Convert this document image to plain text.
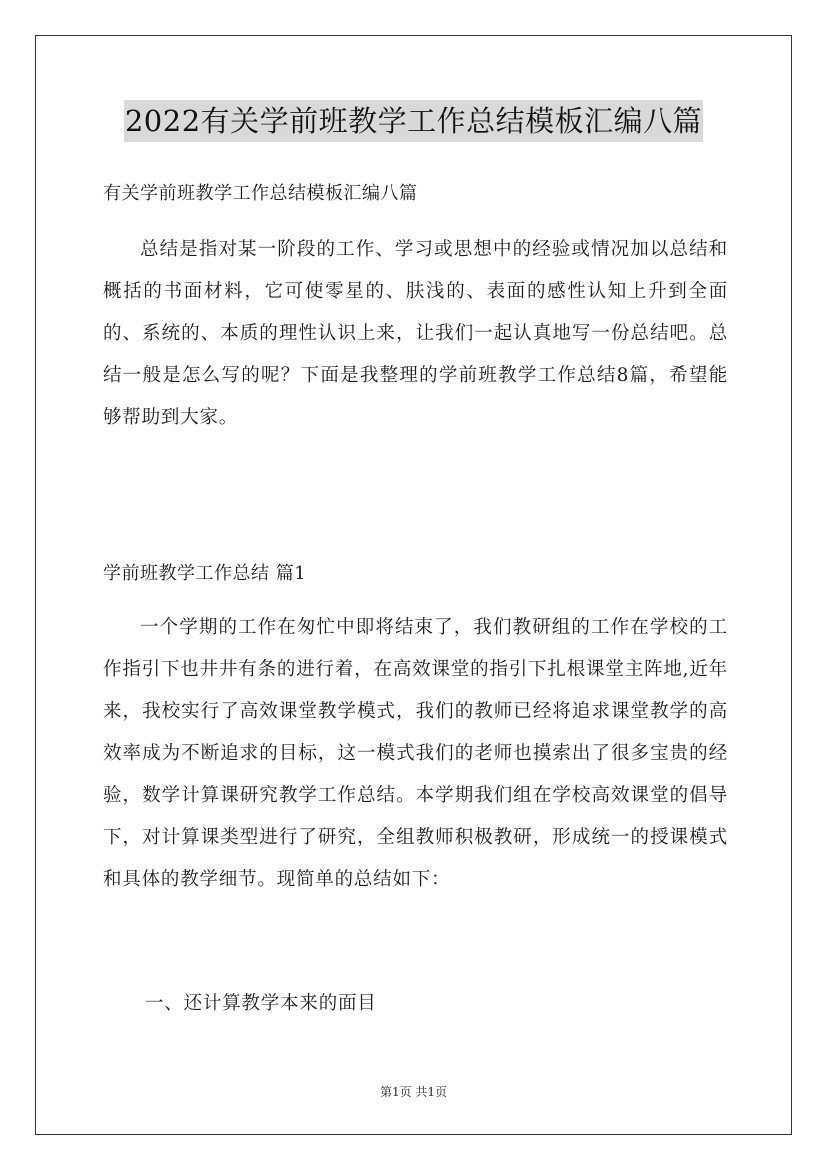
2022有关学前班教学工作总结模板汇编八篇
有关学前班教学工作总结模板汇编八篇

总结是指对某一阶段的工作、学习或思想中的经验或情况加以总结和概括的书面材料，它可使零星的、肤浅的、表面的感性认知上升到全面的、系统的、本质的理性认识上来，让我们一起认真地写一份总结吧。总结一般是怎么写的呢？下面是我整理的学前班教学工作总结8篇，希望能够帮助到大家。

学前班教学工作总结 篇1

一个学期的工作在匆忙中即将结束了，我们教研组的工作在学校的工作指引下也井井有条的进行着，在高效课堂的指引下扎根课堂主阵地,近年来，我校实行了高效课堂教学模式，我们的教师已经将追求课堂教学的高效率成为不断追求的目标，这一模式我们的老师也摸索出了很多宝贵的经验，数学计算课研究教学工作总结。本学期我们组在学校高效课堂的倡导下，对计算课类型进行了研究，全组教师积极教研，形成统一的授课模式和具体的教学细节。现简单的总结如下：

一、还计算教学本来的面目
第1页 共1页
